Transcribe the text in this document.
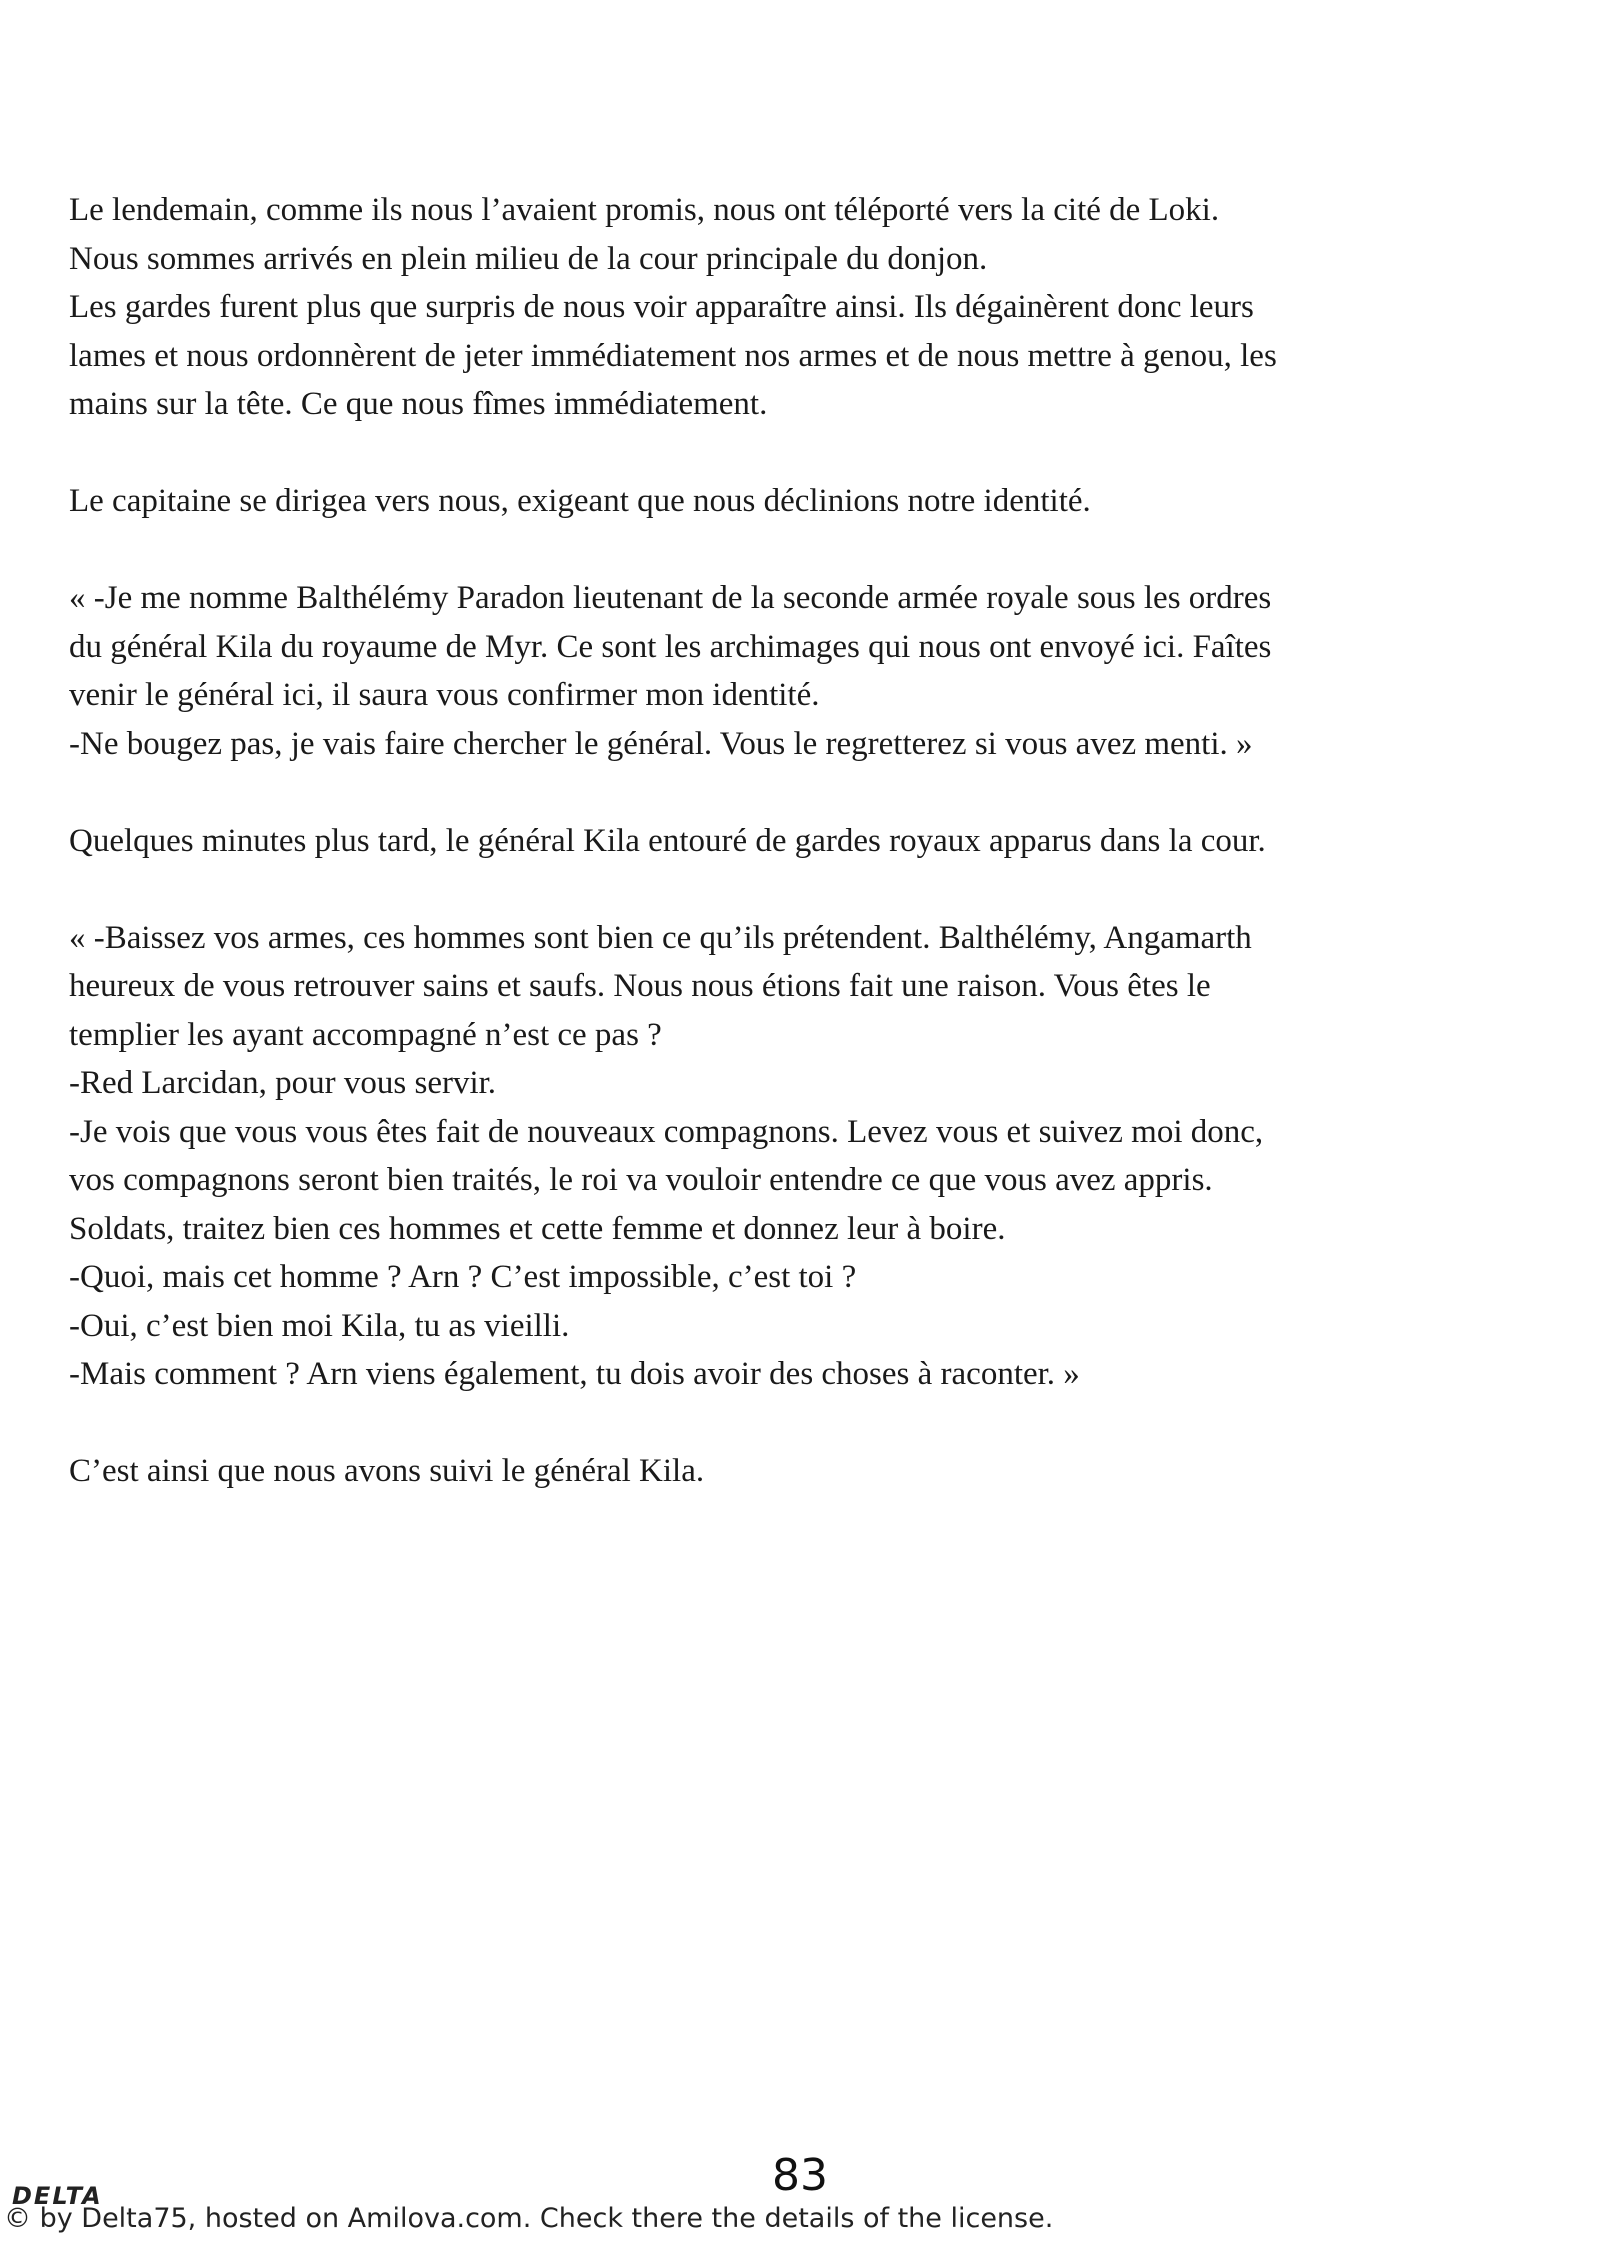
Le lendemain, comme ils nous l’avaient promis, nous ont téléporté vers la cité de Loki.
Nous sommes arrivés en plein milieu de la cour principale du donjon.
Les gardes furent plus que surpris de nous voir apparaître ainsi. Ils dégainèrent donc leurs
lames et nous ordonnèrent de jeter immédiatement nos armes et de nous mettre à genou, les
mains sur la tête. Ce que nous fîmes immédiatement.

Le capitaine se dirigea vers nous, exigeant que nous déclinions notre identité.

« -Je me nomme Balthélémy Paradon lieutenant de la seconde armée royale sous les ordres
du général Kila du royaume de Myr. Ce sont les archimages qui nous ont envoyé ici. Faîtes
venir le général ici, il saura vous confirmer mon identité.
-Ne bougez pas, je vais faire chercher le général. Vous le regretterez si vous avez menti. »

Quelques minutes plus tard, le général Kila entouré de gardes royaux apparus dans la cour.

« -Baissez vos armes, ces hommes sont bien ce qu’ils prétendent. Balthélémy, Angamarth
heureux de vous retrouver sains et saufs. Nous nous étions fait une raison. Vous êtes le
templier les ayant accompagné n’est ce pas ?
-Red Larcidan, pour vous servir.
-Je vois que vous vous êtes fait de nouveaux compagnons. Levez vous et suivez moi donc,
vos compagnons seront bien traités, le roi va vouloir entendre ce que vous avez appris.
Soldats, traitez bien ces hommes et cette femme et donnez leur à boire.
-Quoi, mais cet homme ? Arn ? C’est impossible, c’est toi ?
-Oui, c’est bien moi Kila, tu as vieilli.
-Mais comment ? Arn viens également, tu dois avoir des choses à raconter. »

C’est ainsi que nous avons suivi le général Kila.

83
DELTA
© by Delta75, hosted on Amilova.com. Check there the details of the license.
